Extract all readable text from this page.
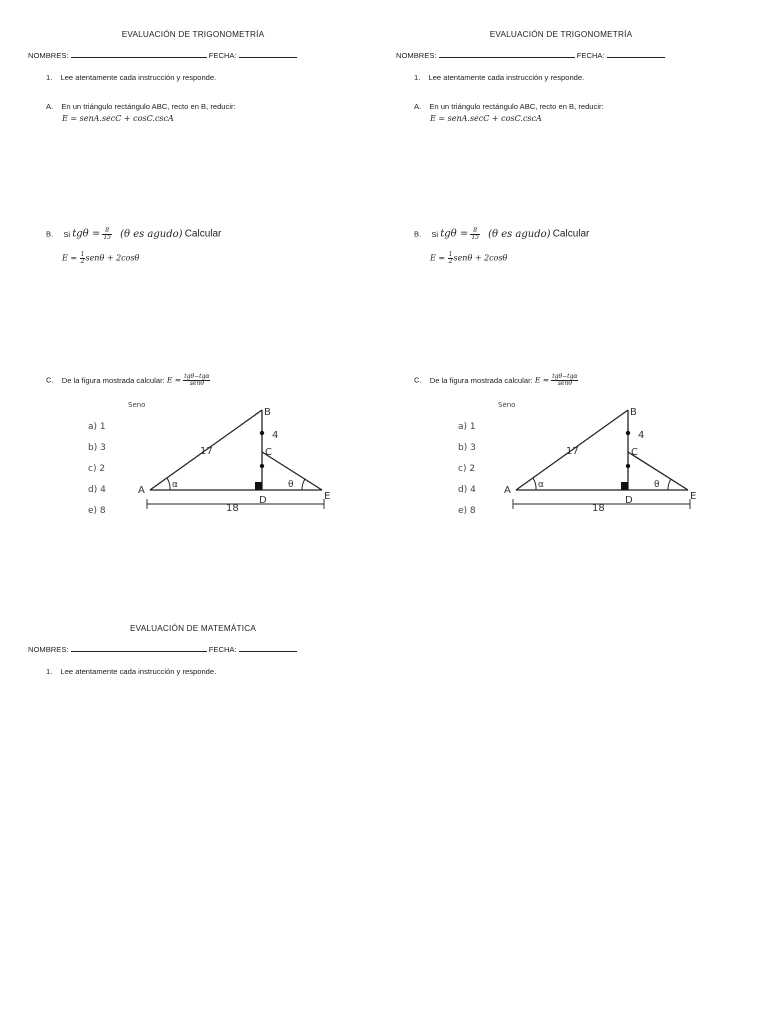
EVALUACIÓN DE TRIGONOMETRÍA
NOMBRES:	FECHA:
1. Lee atentamente cada instrucción y responde.
A. En un triángulo rectángulo ABC, recto en B, reducir:
E = senA.secC + cosC.cscA
B. Si $tg\theta = \frac{8}{15} (\theta$ es agudo) Calcular
$E = \frac{1}{2}$ senθ + 2cosθ
C. De la figura mostrada calcular: $E = \frac{\text{tgθ−tgα}}{\text{senθ}}$
Seno
a) 1
b) 3
c) 2
d) 4
e) 8
A
B
C
D	E
17
4
18
α	θ
EVALUACIÓN DE TRIGONOMETRÍA
NOMBRES:	FECHA:
1. Lee atentamente cada instrucción y responde.
A. En un triángulo rectángulo ABC, recto en B, reducir:
E = senA.secC + cosC.cscA
B. Si $tg\theta = \frac{8}{15} (\theta$ es agudo) Calcular
$E = \frac{1}{2}$ senθ + 2cosθ
C. De la figura mostrada calcular: $E = \frac{\text{tgθ−tgα}}{\text{senθ}}$
Seno
a) 1
b) 3
c) 2
d) 4
e) 8
A
B
C
D	E
17
4
18
α	θ
EVALUACIÓN DE MATEMÁTICA
NOMBRES:	FECHA:
1. Lee atentamente cada instrucción y responde.
